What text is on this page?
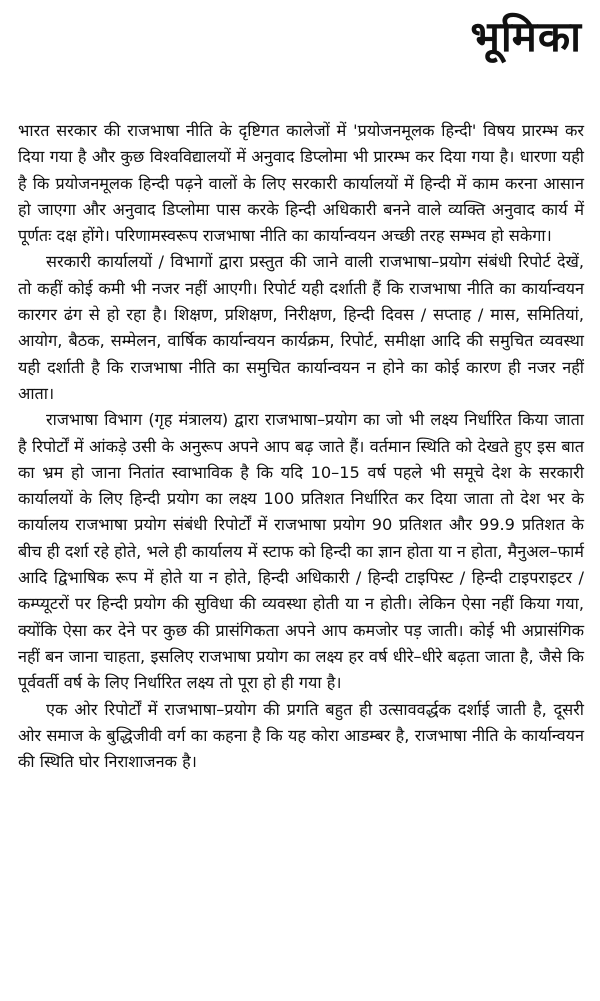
भूमिका

भारत सरकार की राजभाषा नीति के दृष्टिगत कालेजों में 'प्रयोजनमूलक हिन्दी' विषय प्रारम्भ कर दिया गया है और कुछ विश्वविद्यालयों में अनुवाद डिप्लोमा भी प्रारम्भ कर दिया गया है। धारणा यही है कि प्रयोजनमूलक हिन्दी पढ़ने वालों के लिए सरकारी कार्यालयों में हिन्दी में काम करना आसान हो जाएगा और अनुवाद डिप्लोमा पास करके हिन्दी अधिकारी बनने वाले व्यक्ति अनुवाद कार्य में पूर्णतः दक्ष होंगे। परिणामस्वरूप राजभाषा नीति का कार्यान्वयन अच्छी तरह सम्भव हो सकेगा।

सरकारी कार्यालयों / विभागों द्वारा प्रस्तुत की जाने वाली राजभाषा–प्रयोग संबंधी रिपोर्ट देखें, तो कहीं कोई कमी भी नजर नहीं आएगी। रिपोर्ट यही दर्शाती हैं कि राजभाषा नीति का कार्यान्वयन कारगर ढंग से हो रहा है। शिक्षण, प्रशिक्षण, निरीक्षण, हिन्दी दिवस / सप्ताह / मास, समितियां, आयोग, बैठक, सम्मेलन, वार्षिक कार्यान्वयन कार्यक्रम, रिपोर्ट, समीक्षा आदि की समुचित व्यवस्था यही दर्शाती है कि राजभाषा नीति का समुचित कार्यान्वयन न होने का कोई कारण ही नजर नहीं आता।

राजभाषा विभाग (गृह मंत्रालय) द्वारा राजभाषा–प्रयोग का जो भी लक्ष्य निर्धारित किया जाता है रिपोर्टों में आंकड़े उसी के अनुरूप अपने आप बढ़ जाते हैं। वर्तमान स्थिति को देखते हुए इस बात का भ्रम हो जाना नितांत स्वाभाविक है कि यदि 10–15 वर्ष पहले भी समूचे देश के सरकारी कार्यालयों के लिए हिन्दी प्रयोग का लक्ष्य 100 प्रतिशत निर्धारित कर दिया जाता तो देश भर के कार्यालय राजभाषा प्रयोग संबंधी रिपोर्टों में राजभाषा प्रयोग 90 प्रतिशत और 99.9 प्रतिशत के बीच ही दर्शा रहे होते, भले ही कार्यालय में स्टाफ को हिन्दी का ज्ञान होता या न होता, मैनुअल–फार्म आदि द्विभाषिक रूप में होते या न होते, हिन्दी अधिकारी / हिन्दी टाइपिस्ट / हिन्दी टाइपराइटर / कम्प्यूटरों पर हिन्दी प्रयोग की सुविधा की व्यवस्था होती या न होती। लेकिन ऐसा नहीं किया गया, क्योंकि ऐसा कर देने पर कुछ की प्रासंगिकता अपने आप कमजोर पड़ जाती। कोई भी अप्रासंगिक नहीं बन जाना चाहता, इसलिए राजभाषा प्रयोग का लक्ष्य हर वर्ष धीरे–धीरे बढ़ता जाता है, जैसे कि पूर्ववर्ती वर्ष के लिए निर्धारित लक्ष्य तो पूरा हो ही गया है।

एक ओर रिपोर्टों में राजभाषा–प्रयोग की प्रगति बहुत ही उत्साववर्द्धक दर्शाई जाती है, दूसरी ओर समाज के बुद्धिजीवी वर्ग का कहना है कि यह कोरा आडम्बर है, राजभाषा नीति के कार्यान्वयन की स्थिति घोर निराशाजनक है।
